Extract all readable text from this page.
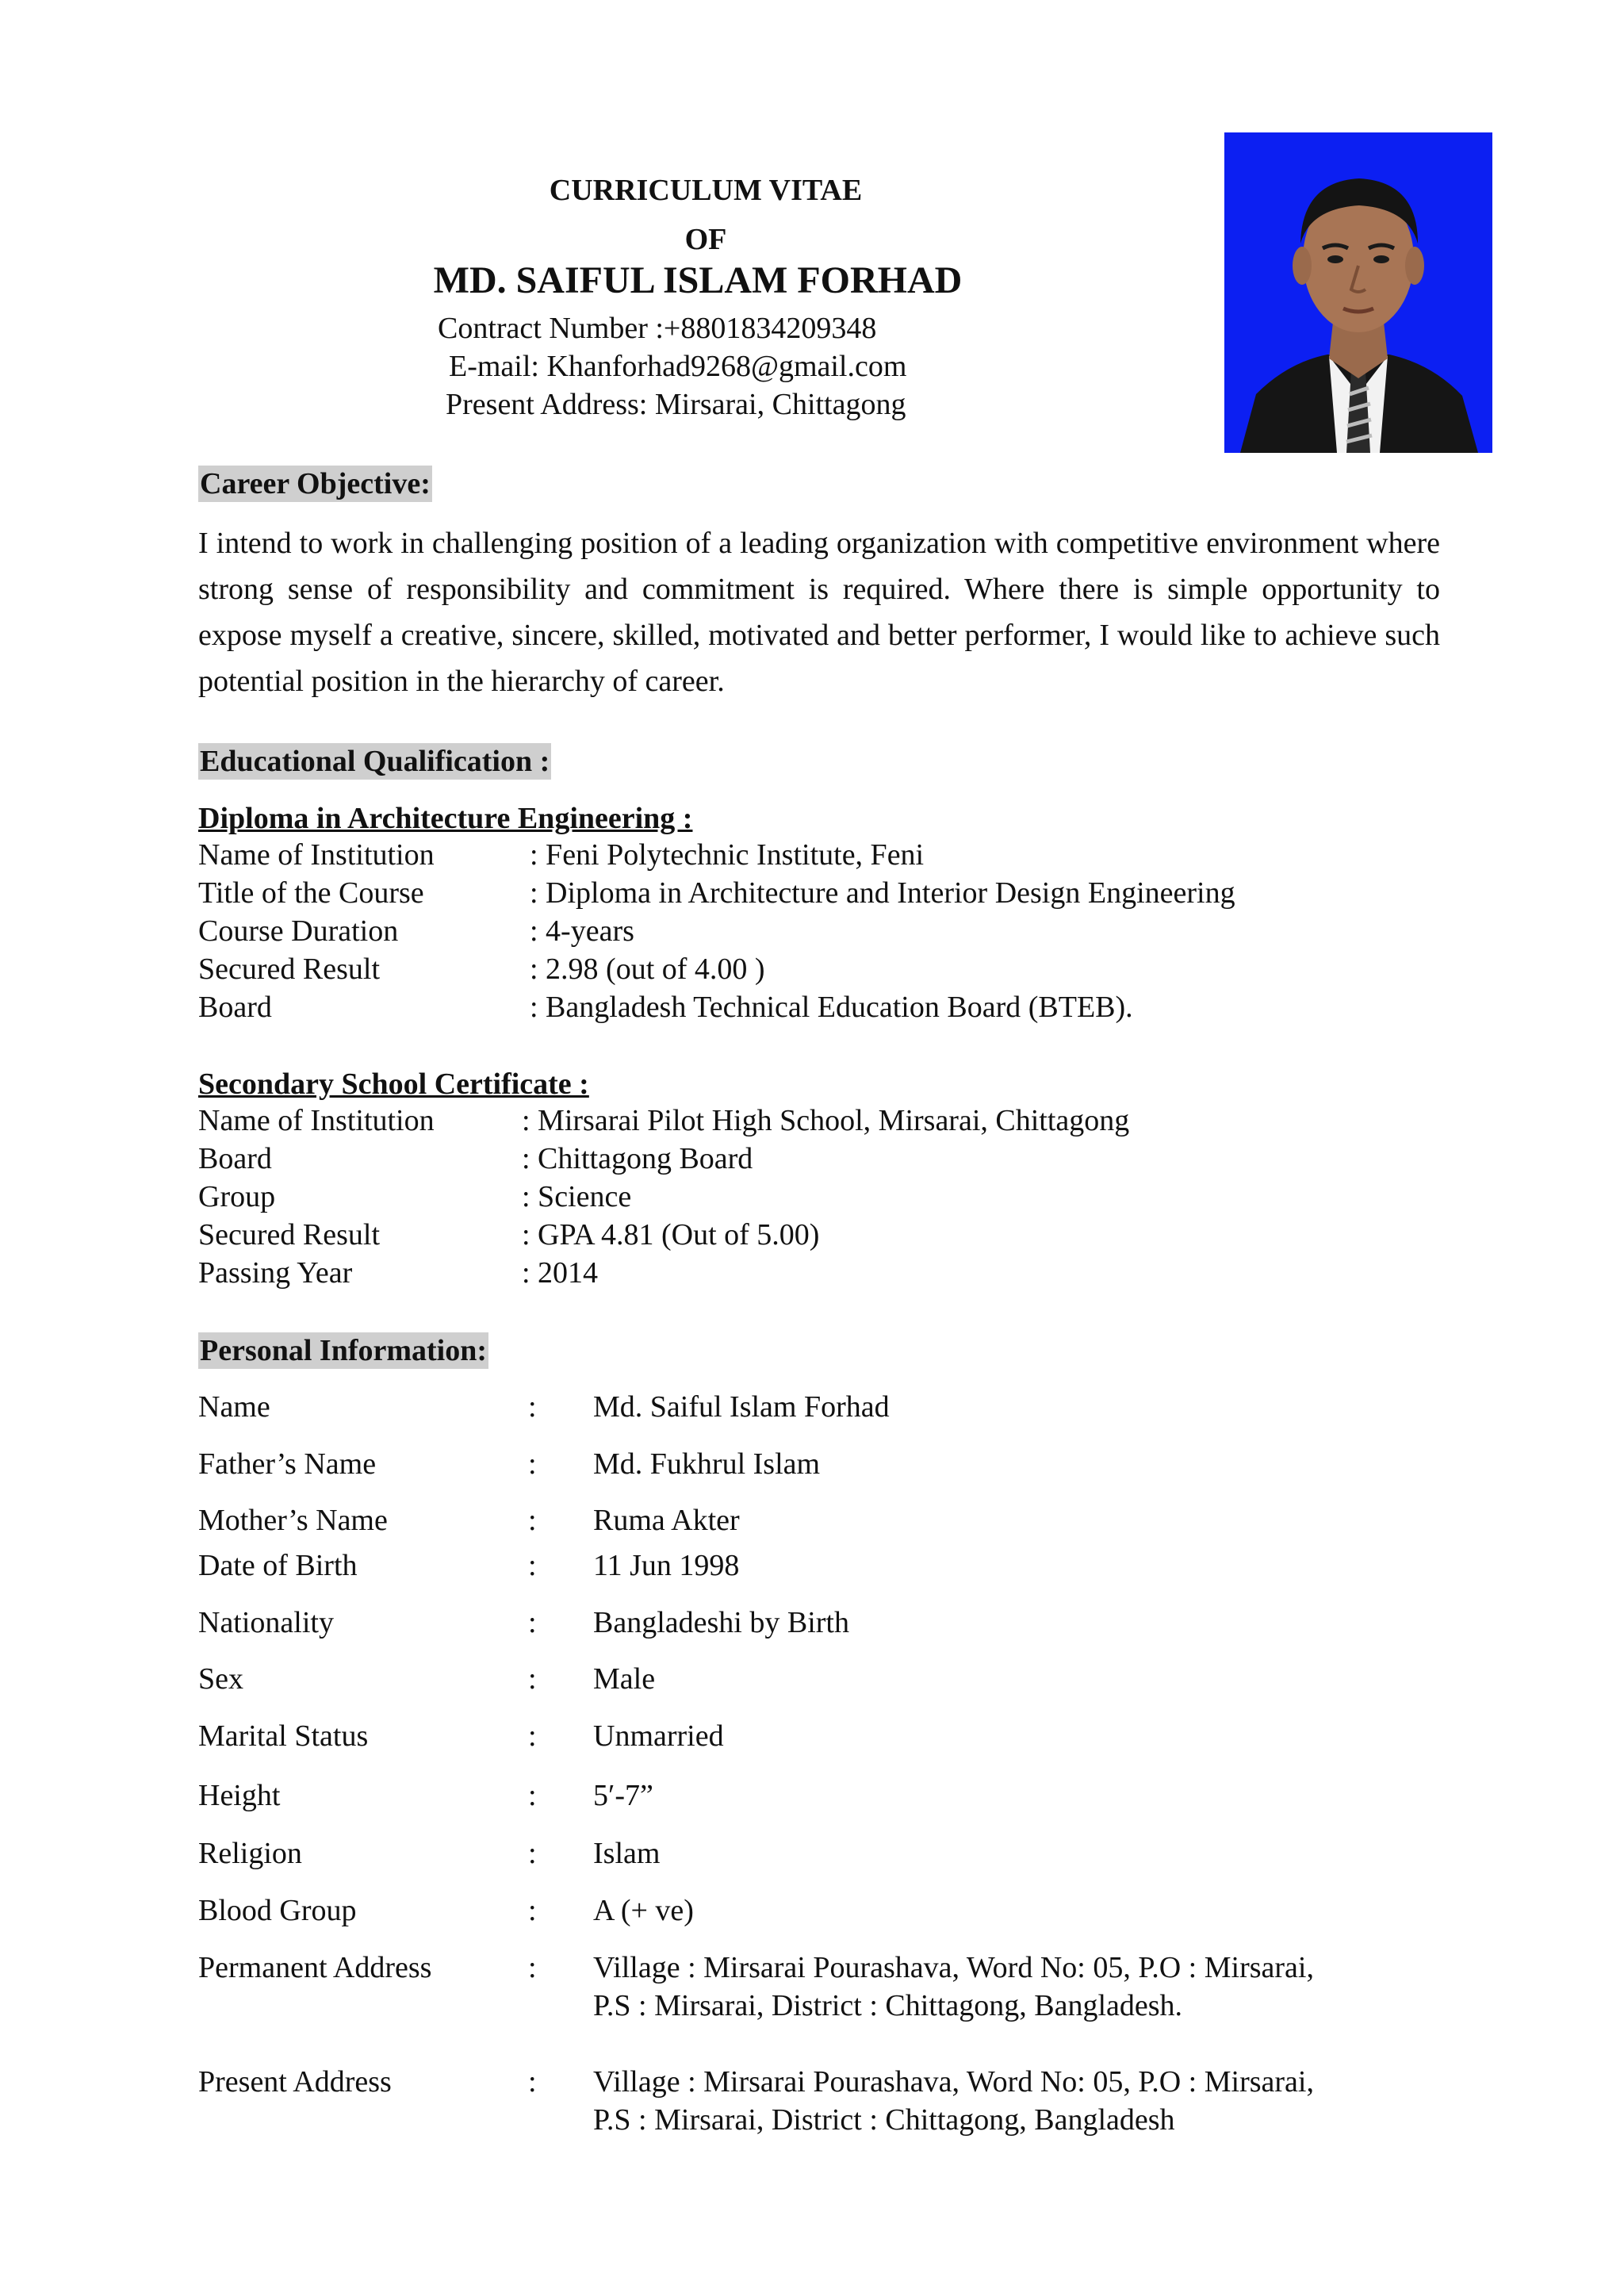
CURRICULUM VITAE
OF
MD. SAIFUL ISLAM FORHAD
Contract Number :+8801834209348
E-mail: Khanforhad9268@gmail.com
Present Address: Mirsarai, Chittagong
Career Objective:
I intend to work in challenging position of a leading organization with competitive environment where strong sense of responsibility and commitment is required. Where there is simple opportunity to expose myself a creative, sincere, skilled, motivated and better performer, I would like to achieve such potential position in the hierarchy of career.
Educational Qualification :
Diploma in Architecture Engineering :
Name of Institution	: Feni Polytechnic Institute, Feni
Title of the Course	: Diploma in Architecture and Interior Design Engineering
Course Duration	: 4-years
Secured Result	: 2.98 (out of 4.00 )
Board	: Bangladesh Technical Education Board (BTEB).
Secondary School Certificate :
Name of Institution	: Mirsarai Pilot High School, Mirsarai, Chittagong
Board	: Chittagong Board
Group	: Science
Secured Result	: GPA 4.81 (Out of 5.00)
Passing Year	: 2014
Personal Information:
Name	: Md. Saiful Islam Forhad
Father’s Name	: Md. Fukhrul Islam
Mother’s Name	: Ruma Akter
Date of Birth	: 11 Jun 1998
Nationality	: Bangladeshi by Birth
Sex	: Male
Marital Status	: Unmarried
Height	: 5′-7”
Religion	: Islam
Blood Group	: A (+ ve)
Permanent Address	: Village : Mirsarai Pourashava, Word No: 05, P.O : Mirsarai,
P.S : Mirsarai, District : Chittagong, Bangladesh.
Present Address	: Village : Mirsarai Pourashava, Word No: 05, P.O : Mirsarai,
P.S : Mirsarai, District : Chittagong, Bangladesh
